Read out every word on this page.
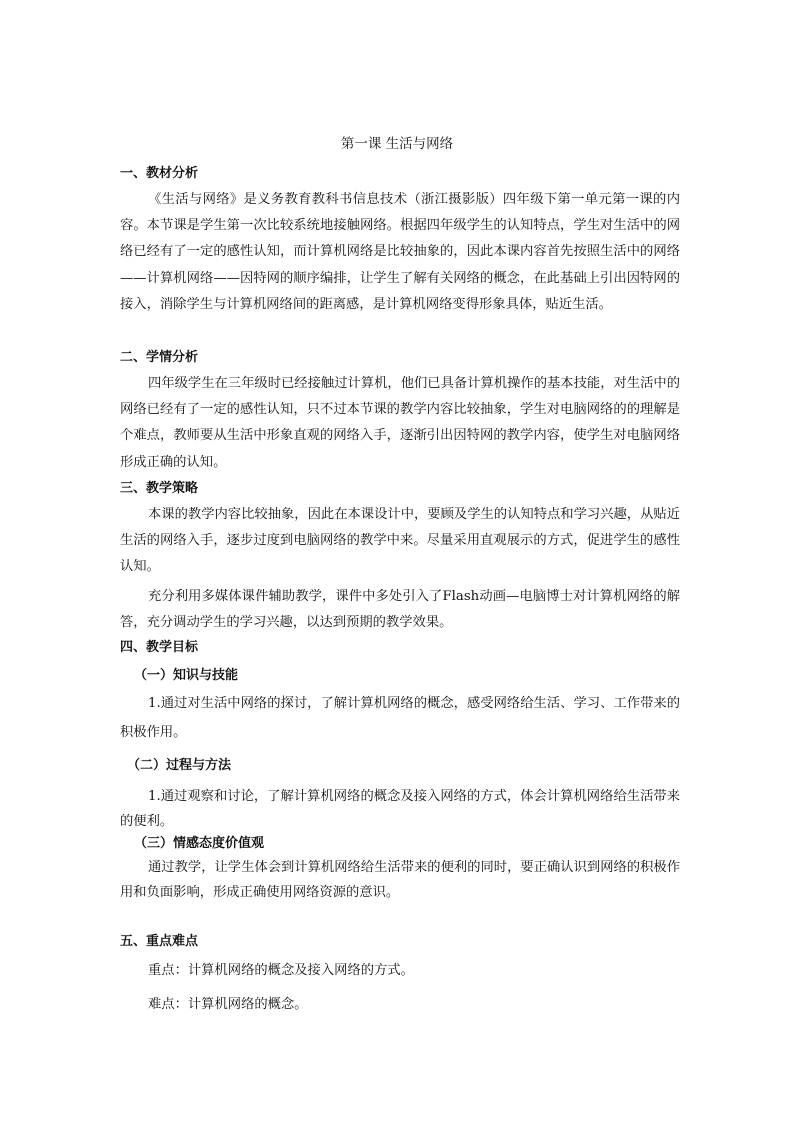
第一课 生活与网络
一、教材分析

《生活与网络》是义务教育教科书信息技术（浙江摄影版）四年级下第一单元第一课的内容。本节课是学生第一次比较系统地接触网络。根据四年级学生的认知特点，学生对生活中的网络已经有了一定的感性认知，而计算机网络是比较抽象的，因此本课内容首先按照生活中的网络——计算机网络——因特网的顺序编排，让学生了解有关网络的概念，在此基础上引出因特网的接入，消除学生与计算机网络间的距离感，是计算机网络变得形象具体，贴近生活。

二、学情分析

四年级学生在三年级时已经接触过计算机，他们已具备计算机操作的基本技能，对生活中的网络已经有了一定的感性认知，只不过本节课的教学内容比较抽象，学生对电脑网络的的理解是个难点，教师要从生活中形象直观的网络入手，逐渐引出因特网的教学内容，使学生对电脑网络形成正确的认知。

三、教学策略

本课的教学内容比较抽象，因此在本课设计中，要顾及学生的认知特点和学习兴趣，从贴近生活的网络入手，逐步过度到电脑网络的教学中来。尽量采用直观展示的方式，促进学生的感性认知。

充分利用多媒体课件辅助教学，课件中多处引入了Flash动画—电脑博士对计算机网络的解答，充分调动学生的学习兴趣，以达到预期的教学效果。

四、教学目标
（一）知识与技能

1.通过对生活中网络的探讨，了解计算机网络的概念，感受网络给生活、学习、工作带来的积极作用。

（二）过程与方法

1.通过观察和讨论，了解计算机网络的概念及接入网络的方式，体会计算机网络给生活带来的便利。

（三）情感态度价值观

通过教学，让学生体会到计算机网络给生活带来的便利的同时，要正确认识到网络的积极作用和负面影响，形成正确使用网络资源的意识。

五、重点难点

重点：计算机网络的概念及接入网络的方式。

难点：计算机网络的概念。
